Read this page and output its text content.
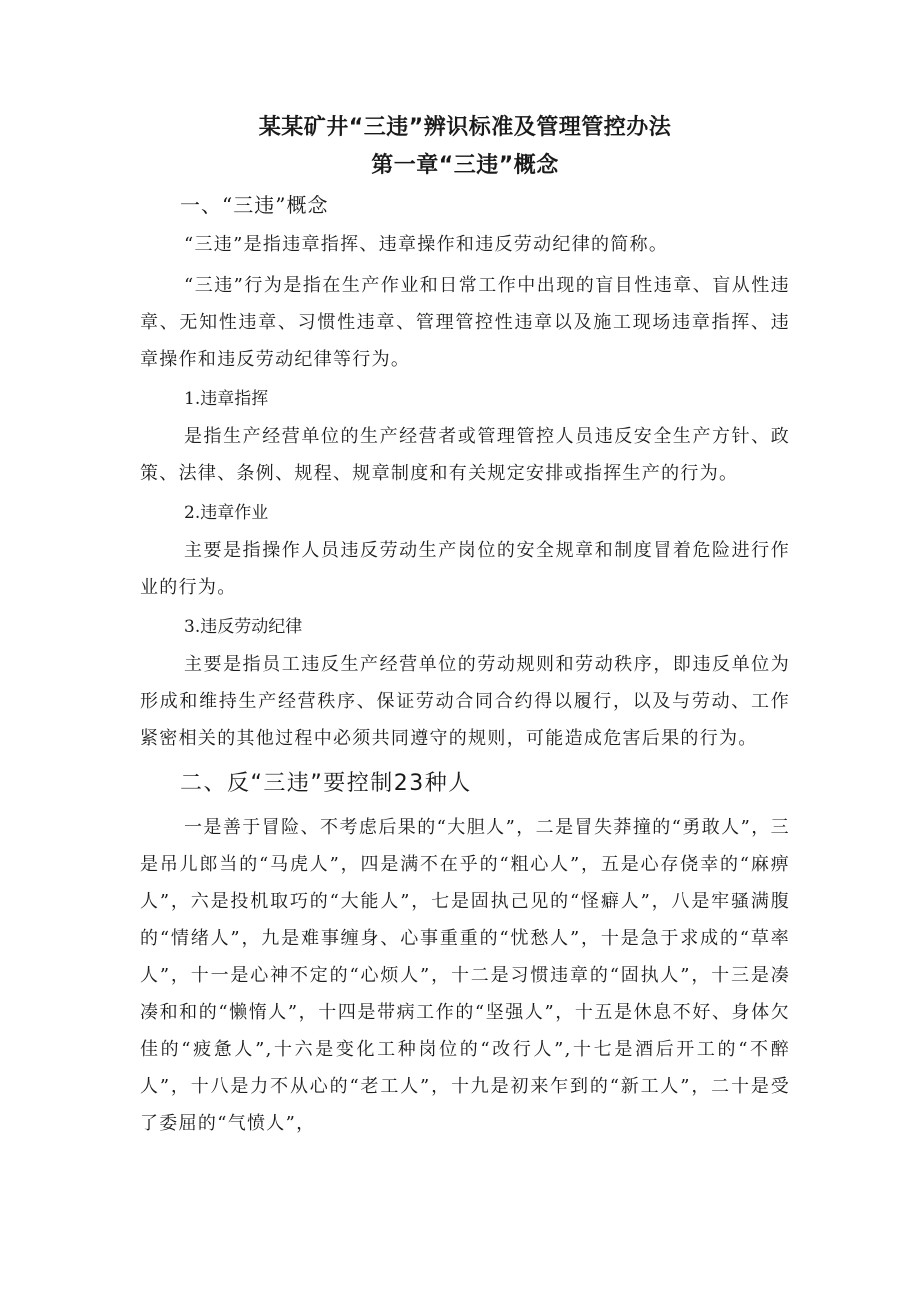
某某矿井“三违”辨识标准及管理管控办法
第一章“三违”概念
一、“三违”概念

“三违”是指违章指挥、违章操作和违反劳动纪律的简称。

“三违”行为是指在生产作业和日常工作中出现的盲目性违章、盲从性违章、无知性违章、习惯性违章、管理管控性违章以及施工现场违章指挥、违章操作和违反劳动纪律等行为。

1.违章指挥

是指生产经营单位的生产经营者或管理管控人员违反安全生产方针、政策、法律、条例、规程、规章制度和有关规定安排或指挥生产的行为。

2.违章作业

主要是指操作人员违反劳动生产岗位的安全规章和制度冒着危险进行作业的行为。

3.违反劳动纪律

主要是指员工违反生产经营单位的劳动规则和劳动秩序，即违反单位为形成和维持生产经营秩序、保证劳动合同合约得以履行，以及与劳动、工作紧密相关的其他过程中必须共同遵守的规则，可能造成危害后果的行为。

二、反“三违”要控制23种人

一是善于冒险、不考虑后果的“大胆人”，二是冒失莽撞的“勇敢人”，三是吊儿郎当的“马虎人”，四是满不在乎的“粗心人”，五是心存侥幸的“麻痹人”，六是投机取巧的“大能人”，七是固执己见的“怪癖人”，八是牢骚满腹的“情绪人”，九是难事缠身、心事重重的“忧愁人”，十是急于求成的“草率人”，十一是心神不定的“心烦人”，十二是习惯违章的“固执人”，十三是凑凑和和的“懒惰人”，十四是带病工作的“坚强人”，十五是休息不好、身体欠佳的“疲惫人”,十六是变化工种岗位的“改行人”,十七是酒后开工的“不醉人”，十八是力不从心的“老工人”，十九是初来乍到的“新工人”，二十是受了委屈的“气愤人”，
